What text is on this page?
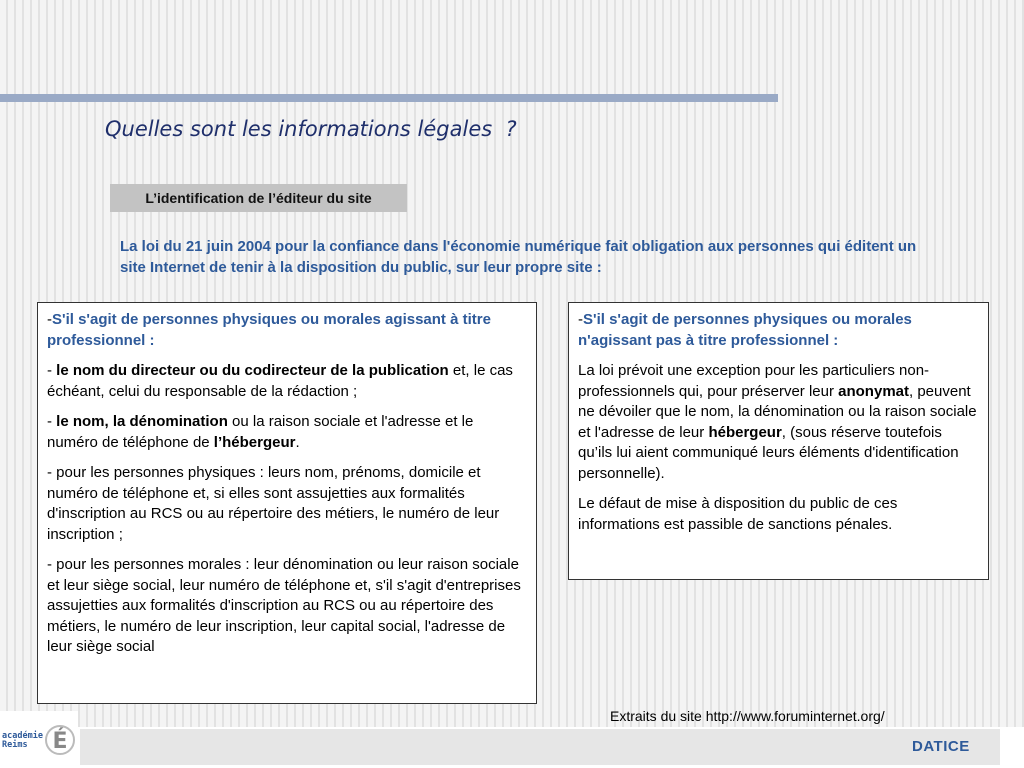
Quelles sont les informations légales  ?
L’identification de l’éditeur du site

La loi du 21 juin 2004 pour la confiance dans l'économie numérique fait obligation aux personnes qui éditent un site Internet de tenir à la disposition du public, sur leur propre site :

-S'il s'agit de personnes physiques ou morales agissant à titre professionnel :

- le nom du directeur ou du codirecteur de la publication et, le cas échéant, celui du responsable de la rédaction ;

- le nom, la dénomination ou la raison sociale et l'adresse et le numéro de téléphone de l’hébergeur.

- pour les personnes physiques : leurs nom, prénoms, domicile et numéro de téléphone et, si elles sont assujetties aux formalités d'inscription au RCS ou au répertoire des métiers, le numéro de leur inscription ;

- pour les personnes morales : leur dénomination ou leur raison sociale et leur siège social, leur numéro de téléphone et, s'il s'agit d'entreprises assujetties aux formalités d'inscription au RCS ou au répertoire des métiers, le numéro de leur inscription, leur capital social, l'adresse de leur siège social

-S'il s'agit de personnes physiques ou morales n'agissant pas à titre professionnel :

La loi prévoit une exception pour les particuliers non-professionnels qui, pour préserver leur anonymat, peuvent ne dévoiler que le nom, la dénomination ou la raison sociale et l'adresse de leur hébergeur, (sous réserve toutefois qu’ils lui aient communiqué leurs éléments d'identification personnelle).

Le défaut de mise à disposition du public de ces informations est passible de sanctions pénales.

Extraits du site http://www.foruminternet.org/
académie
Reims	É	DATICE
